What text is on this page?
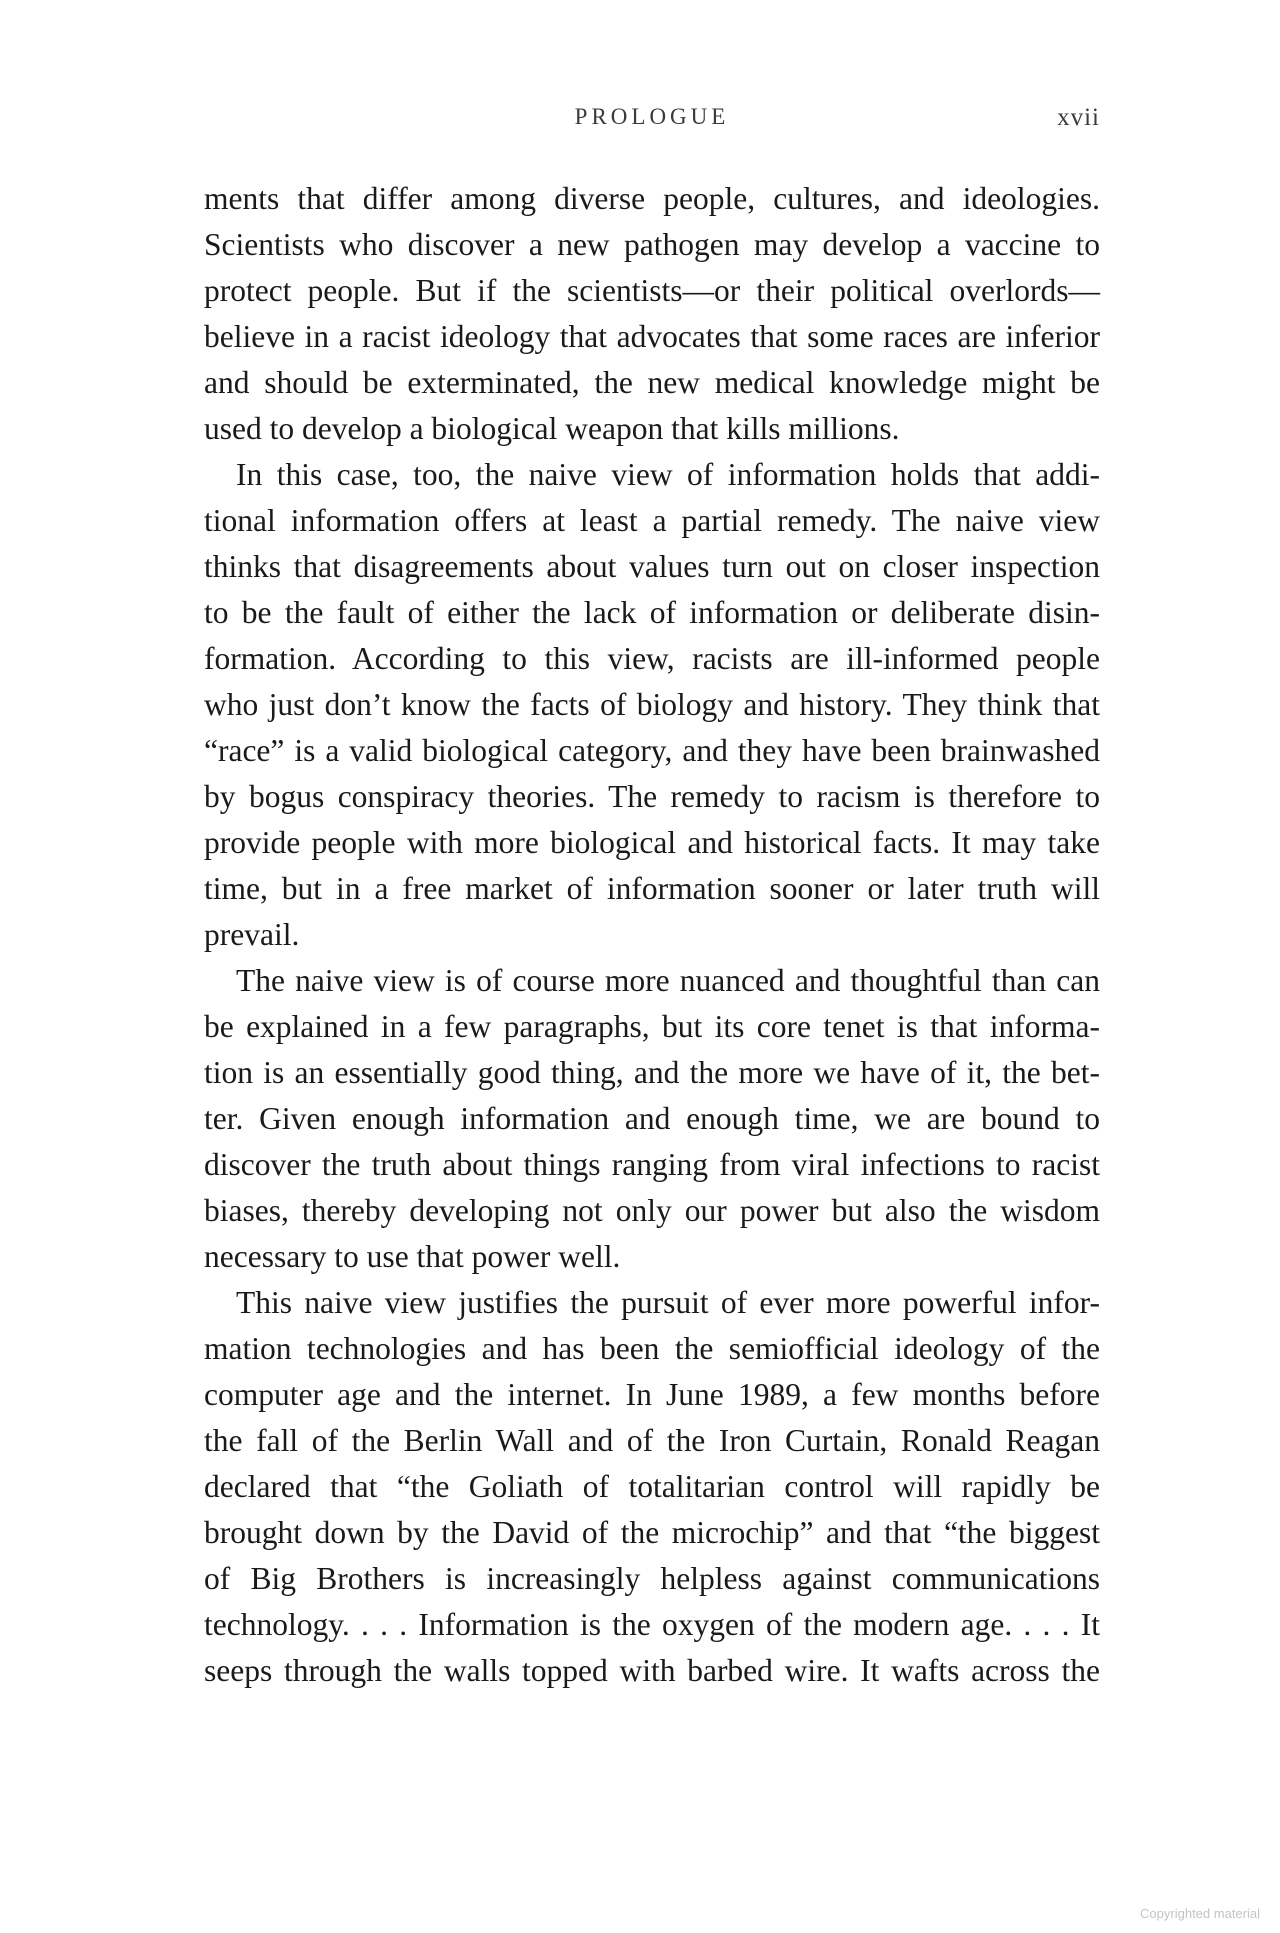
PROLOGUE	xvii
ments that differ among diverse people, cultures, and ideologies.
Scientists who discover a new pathogen may develop a vaccine to
protect people. But if the scientists—or their political overlords—
believe in a racist ideology that advocates that some races are inferior
and should be exterminated, the new medical knowledge might be
used to develop a biological weapon that kills millions.
In this case, too, the naive view of information holds that addi-
tional information offers at least a partial remedy. The naive view
thinks that disagreements about values turn out on closer inspection
to be the fault of either the lack of information or deliberate disin-
formation. According to this view, racists are ill-informed people
who just don’t know the facts of biology and history. They think that
“race” is a valid biological category, and they have been brainwashed
by bogus conspiracy theories. The remedy to racism is therefore to
provide people with more biological and historical facts. It may take
time, but in a free market of information sooner or later truth will
prevail.
The naive view is of course more nuanced and thoughtful than can
be explained in a few paragraphs, but its core tenet is that informa-
tion is an essentially good thing, and the more we have of it, the bet-
ter. Given enough information and enough time, we are bound to
discover the truth about things ranging from viral infections to racist
biases, thereby developing not only our power but also the wisdom
necessary to use that power well.
This naive view justifies the pursuit of ever more powerful infor-
mation technologies and has been the semiofficial ideology of the
computer age and the internet. In June 1989, a few months before
the fall of the Berlin Wall and of the Iron Curtain, Ronald Reagan
declared that “the Goliath of totalitarian control will rapidly be
brought down by the David of the microchip” and that “the biggest
of Big Brothers is increasingly helpless against communications
technology. . . . Information is the oxygen of the modern age. . . . It
seeps through the walls topped with barbed wire. It wafts across the
Copyrighted material
